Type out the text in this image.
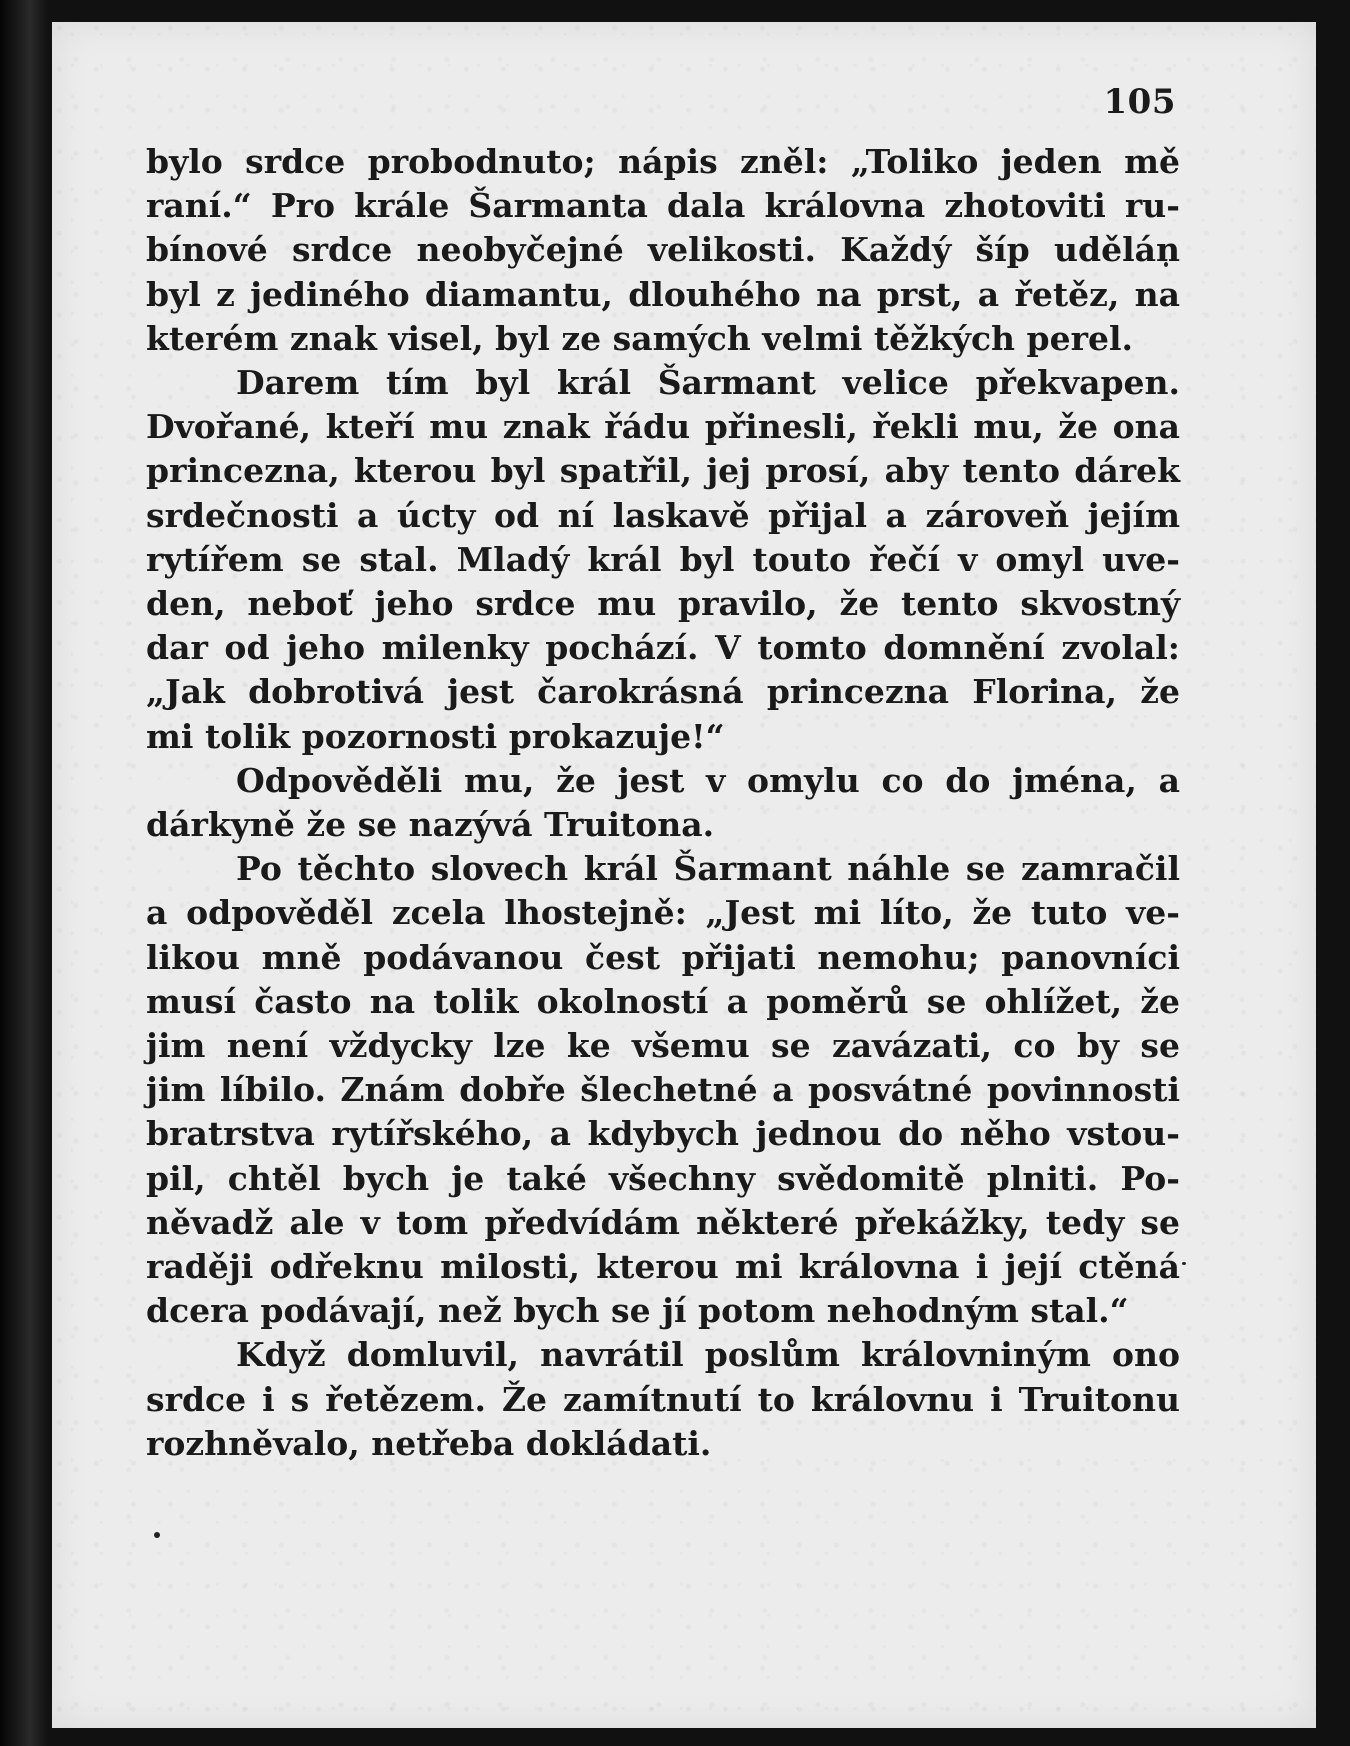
105
bylo srdce probodnuto; nápis zněl: „Toliko jeden mě
raní.“ Pro krále Šarmanta dala královna zhotoviti ru-
bínové srdce neobyčejné velikosti. Každý šíp udělán
byl z jediného diamantu, dlouhého na prst, a řetěz, na
kterém znak visel, byl ze samých velmi těžkých perel.
Darem tím byl král Šarmant velice překvapen.
Dvořané, kteří mu znak řádu přinesli, řekli mu, že ona
princezna, kterou byl spatřil, jej prosí, aby tento dárek
srdečnosti a úcty od ní laskavě přijal a zároveň jejím
rytířem se stal. Mladý král byl touto řečí v omyl uve-
den, neboť jeho srdce mu pravilo, že tento skvostný
dar od jeho milenky pochází. V tomto domnění zvolal:
„Jak dobrotivá jest čarokrásná princezna Florina, že
mi tolik pozornosti prokazuje!“
Odpověděli mu, že jest v omylu co do jména, a
dárkyně že se nazývá Truitona.
Po těchto slovech král Šarmant náhle se zamračil
a odpověděl zcela lhostejně: „Jest mi líto, že tuto ve-
likou mně podávanou čest přijati nemohu; panovníci
musí často na tolik okolností a poměrů se ohlížet, že
jim není vždycky lze ke všemu se zavázati, co by se
jim líbilo. Znám dobře šlechetné a posvátné povinnosti
bratrstva rytířského, a kdybych jednou do něho vstou-
pil, chtěl bych je také všechny svědomitě plniti. Po-
něvadž ale v tom předvídám některé překážky, tedy se
raději odřeknu milosti, kterou mi královna i její ctěná
dcera podávají, než bych se jí potom nehodným stal.“
Když domluvil, navrátil poslům královniným ono
srdce i s řetězem. Že zamítnutí to královnu i Truitonu
rozhněvalo, netřeba dokládati.
